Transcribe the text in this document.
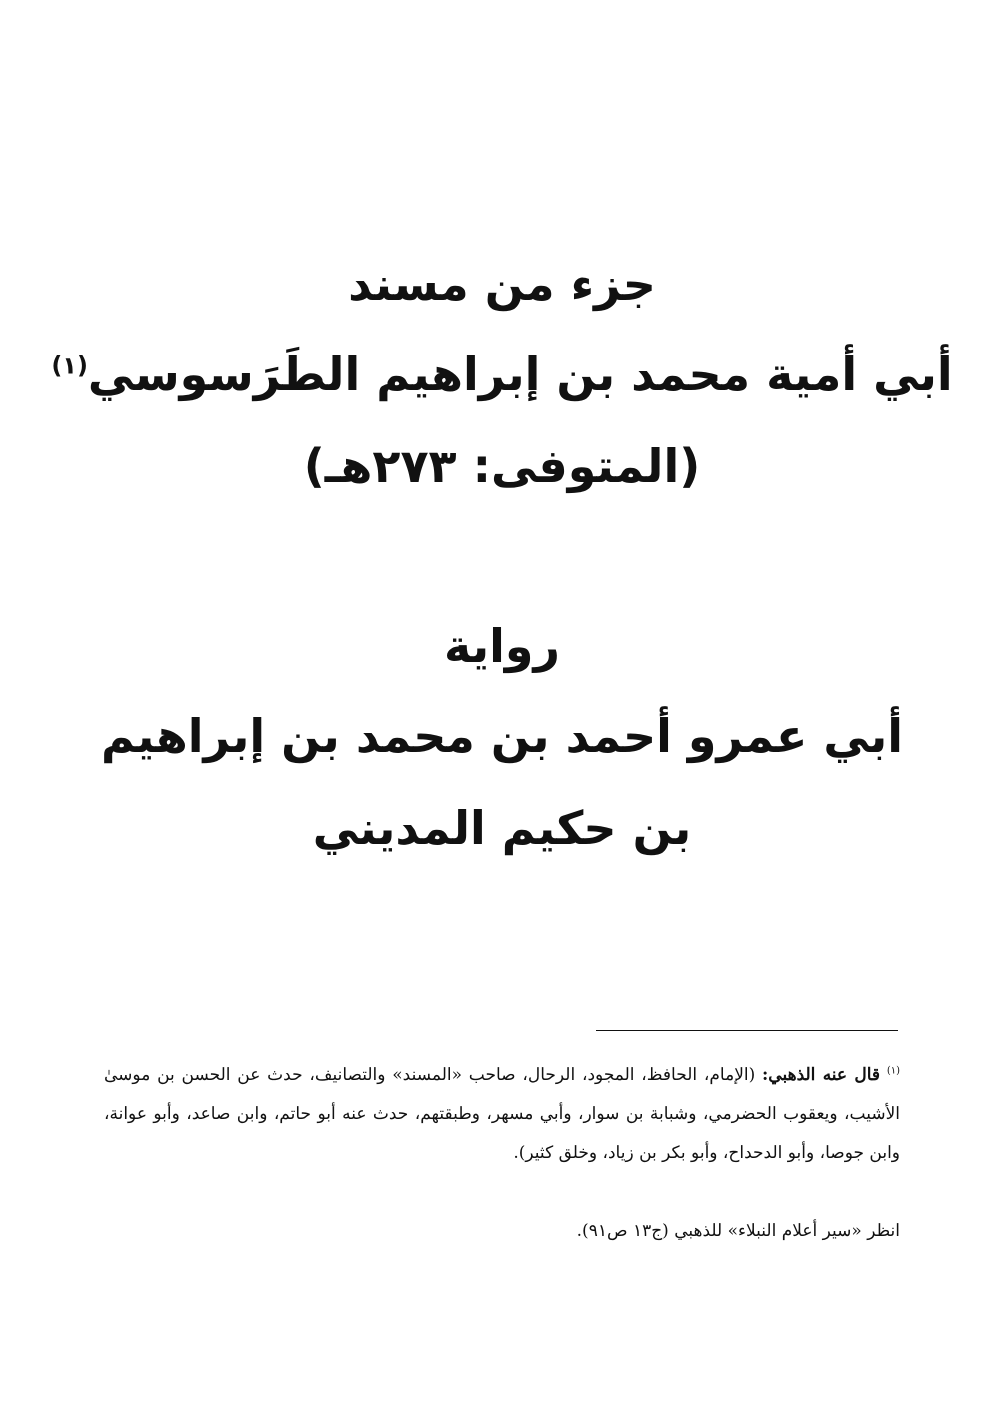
جزء من مسند
أبي أمية محمد بن إبراهيم الطَرَسوسي$^{(١)}$
(المتوفى: ٢٧٣هـ)
رواية
أبي عمرو أحمد بن محمد بن إبراهيم
بن حكيم المديني
$^{(١)}$ قال عنه الذهبي: (الإمام، الحافظ، المجود، الرحال، صاحب «المسند» والتصانيف، حدث عن الحسن بن موسىٰ الأشيب، ويعقوب الحضرمي، وشبابة بن سوار، وأبي مسهر، وطبقتهم، حدث عنه أبو حاتم، وابن صاعد، وأبو عوانة، وابن جوصا، وأبو الدحداح، وأبو بكر بن زياد، وخلق كثير).
انظر «سير أعلام النبلاء» للذهبي (ج١٣ ص٩١).
